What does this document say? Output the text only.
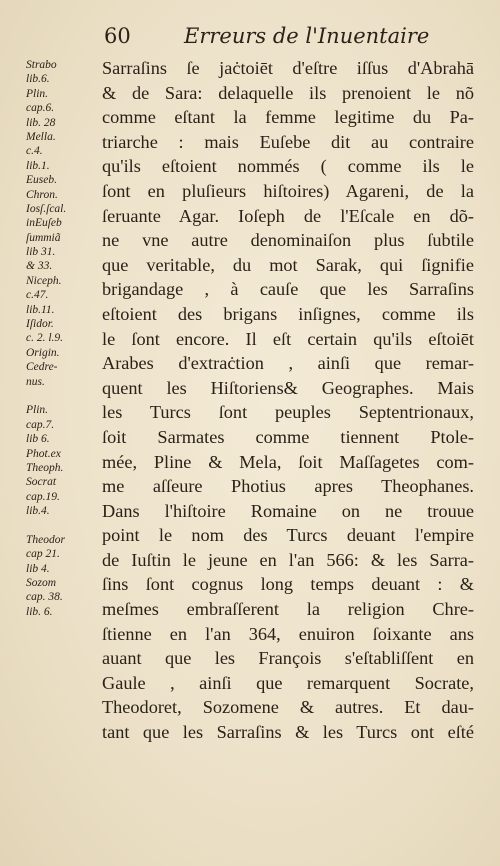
60	Erreurs de l'Inuentaire
Strabo
lib.6.
Plin.
cap.6.
lib. 28
Mella.
c.4.
lib.1.
Euseb.
Chron.
Iosſ.ſcal.
inEuſeb
ſummiã
lib 31.
& 33.
Niceph.
c.47.
lib.11.
Iſidor.
c. 2. l.9.
Origin.
Cedre-
nus.
Plin.
cap.7.
lib 6.
Phot.ex
Theoph.
Socrat
cap.19.
lib.4.
Theodor
cap 21.
lib 4.
Sozom
cap. 38.
lib. 6.
Sarraſins ſe jaċtoiēt d'eſtre iſſus d'Abrahā
& de Sara: delaquelle ils prenoient le nõ
comme eſtant la femme legitime du Pa-
triarche : mais Euſebe dit au contraire
qu'ils eſtoient nommés ( comme ils le
ſont en pluſieurs hiſtoires) Agareni, de la
ſeruante Agar. Ioſeph de l'Eſcale en dõ-
ne vne autre denominaiſon plus ſubtile
que veritable, du mot Sarak, qui ſignifie
brigandage , à cauſe que les Sarraſins
eſtoient des brigans inſignes, comme ils
le ſont encore. Il eſt certain qu'ils eſtoiēt
Arabes d'extraċtion , ainſi que remar-
quent les Hiſtoriens& Geographes. Mais
les Turcs ſont peuples Septentrionaux,
ſoit Sarmates comme tiennent Ptole-
mée, Pline & Mela, ſoit Maſſagetes com-
me aſſeure Photius apres Theophanes.
Dans l'hiſtoire Romaine on ne trouue
point le nom des Turcs deuant l'empire
de Iuſtin le jeune en l'an 566: & les Sarra-
ſins ſont cognus long temps deuant : &
meſmes embraſſerent la religion Chre-
ſtienne en l'an 364, enuiron ſoixante ans
auant que les François s'eſtabliſſent en
Gaule , ainſi que remarquent Socrate,
Theodoret, Sozomene & autres. Et dau-
tant que les Sarraſins & les Turcs ont eſté
